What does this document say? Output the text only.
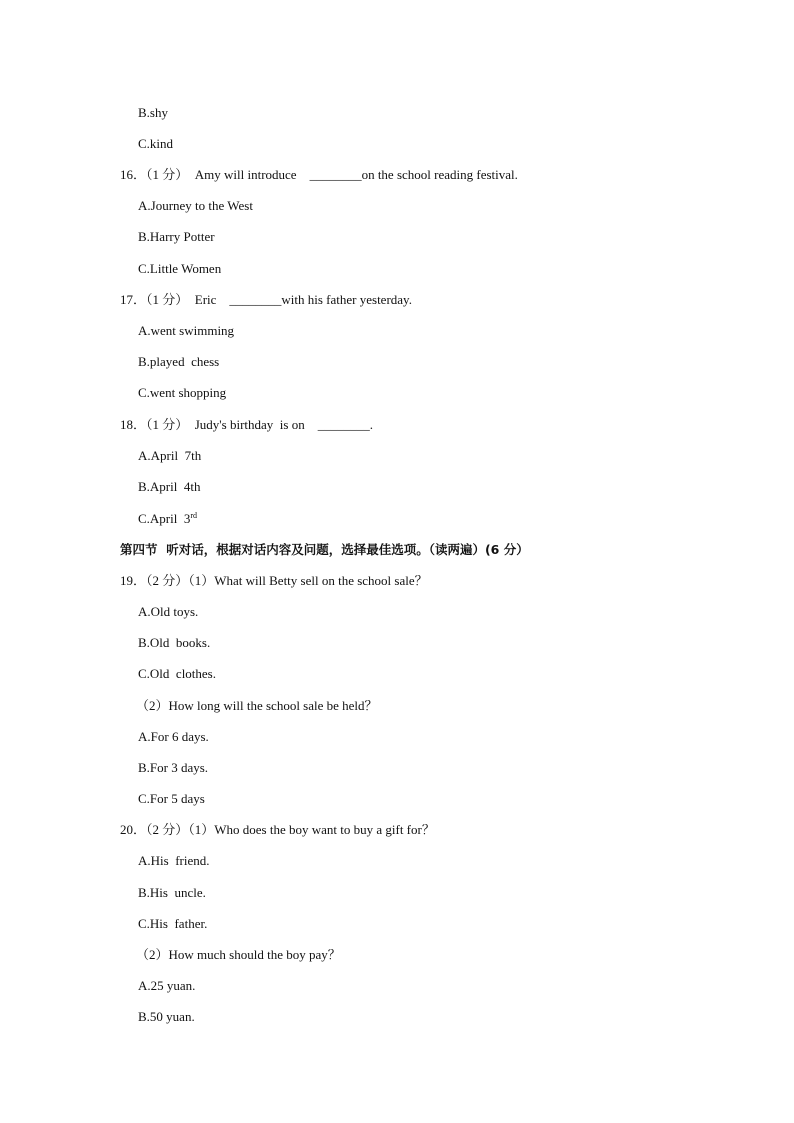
B.shy
C.kind
16．（1 分）  Amy will introduce    ________on the school reading festival.
A.Journey to the West
B.Harry Potter
C.Little Women
17．（1 分）  Eric    ________with his father yesterday.
A.went swimming
B.played  chess
C.went shopping
18．（1 分）  Judy's birthday  is on    ________.
A.April  7th
B.April  4th
C.April  3rd
第四节  听对话，根据对话内容及问题，选择最佳选项。（读两遍）(6 分）
19．（2 分）（1）What will Betty sell on the school sale？
A.Old toys.
B.Old  books.
C.Old  clothes.
（2）How long will the school sale be held？
A.For 6 days.
B.For 3 days.
C.For 5 days
20．（2 分）（1）Who does the boy want to buy a gift for？
A.His  friend.
B.His  uncle.
C.His  father.
（2）How much should the boy pay？
A.25 yuan.
B.50 yuan.
